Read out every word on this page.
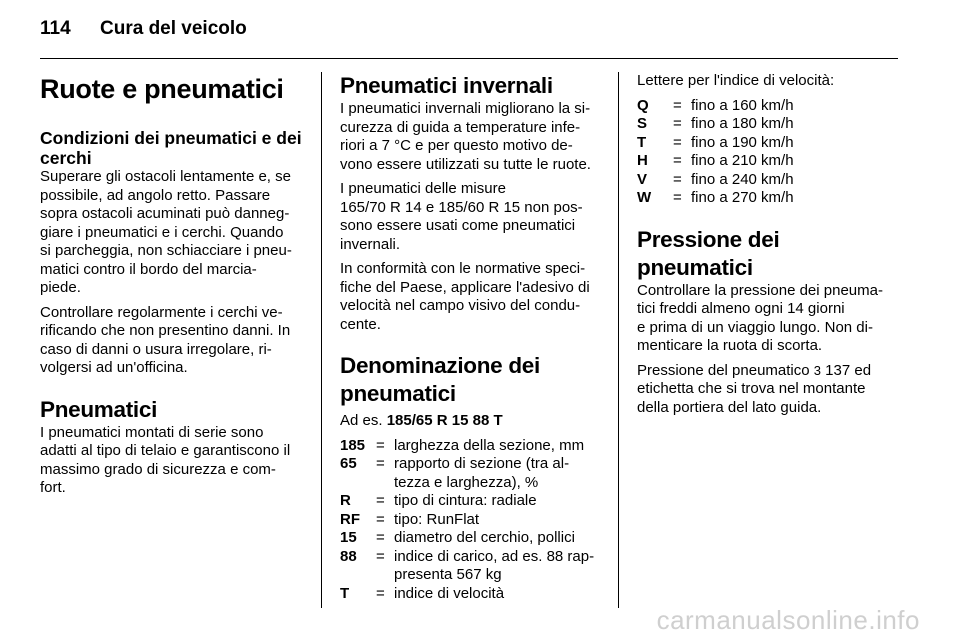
114 Cura del veicolo
Ruote e pneumatici
Condizioni dei pneumatici e dei cerchi

Superare gli ostacoli lentamente e, se
possibile, ad angolo retto. Passare
sopra ostacoli acuminati può danneg-
giare i pneumatici e i cerchi. Quando
si parcheggia, non schiacciare i pneu-
matici contro il bordo del marcia-
piede.

Controllare regolarmente i cerchi ve-
rificando che non presentino danni. In
caso di danni o usura irregolare, ri-
volgersi ad un'officina.

Pneumatici

I pneumatici montati di serie sono
adatti al tipo di telaio e garantiscono il
massimo grado di sicurezza e com-
fort.

Pneumatici invernali

I pneumatici invernali migliorano la si-
curezza di guida a temperature infe-
riori a 7 °C e per questo motivo de-
vono essere utilizzati su tutte le ruote.

I pneumatici delle misure
165/70 R 14 e 185/60 R 15 non pos-
sono essere usati come pneumatici
invernali.

In conformità con le normative speci-
fiche del Paese, applicare l'adesivo di
velocità nel campo visivo del condu-
cente.

Denominazione dei
pneumatici

Ad es. 185/65 R 15 88 T

185 = larghezza della sezione, mm
65	= rapporto di sezione (tra al-
tezza e larghezza), %
R	= tipo di cintura: radiale
RF	= tipo: RunFlat
15	= diametro del cerchio, pollici
88	= indice di carico, ad es. 88 rap-
presenta 567 kg
T	= indice di velocità

Lettere per l'indice di velocità:

Q	= fino a 160 km/h
S	= fino a 180 km/h
T	= fino a 190 km/h
H	= fino a 210 km/h
V	= fino a 240 km/h
W	= fino a 270 km/h
Pressione dei pneumatici

Controllare la pressione dei pneuma-
tici freddi almeno ogni 14 giorni
e prima di un viaggio lungo. Non di-
menticare la ruota di scorta.

Pressione del pneumatico 3 137 ed
etichetta che si trova nel montante
della portiera del lato guida.

carmanualsonline.info
